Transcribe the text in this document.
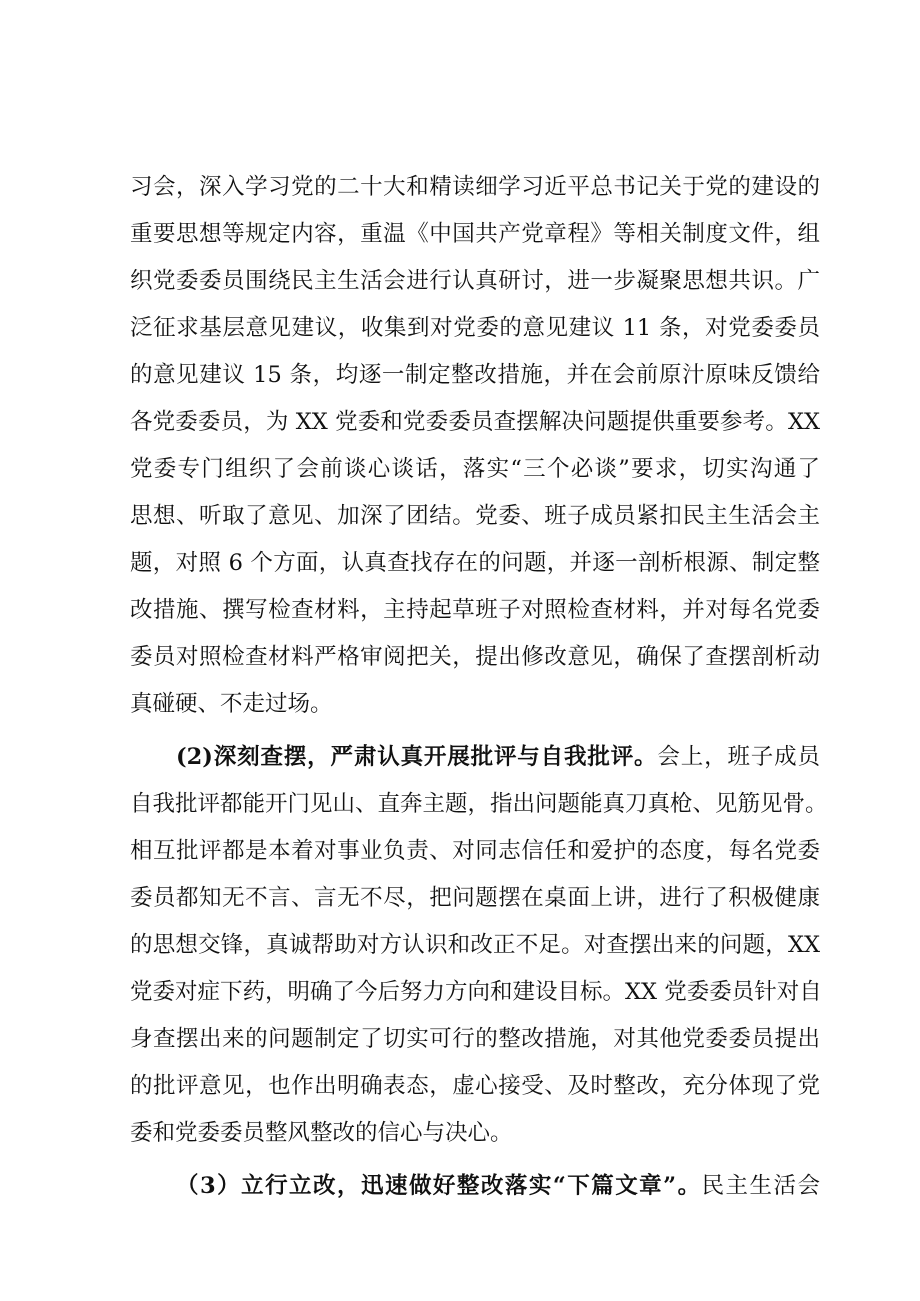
习会，深入学习党的二十大和精读细学习近平总书记关于党的建设的
重要思想等规定内容，重温《中国共产党章程》等相关制度文件，组
织党委委员围绕民主生活会进行认真研讨，进一步凝聚思想共识。广
泛征求基层意见建议，收集到对党委的意见建议 11 条，对党委委员
的意见建议 15 条，均逐一制定整改措施，并在会前原汁原味反馈给
各党委委员，为 XX 党委和党委委员查摆解决问题提供重要参考。XX
党委专门组织了会前谈心谈话，落实“三个必谈”要求，切实沟通了
思想、听取了意见、加深了团结。党委、班子成员紧扣民主生活会主
题，对照 6 个方面，认真查找存在的问题，并逐一剖析根源、制定整
改措施、撰写检查材料，主持起草班子对照检查材料，并对每名党委
委员对照检查材料严格审阅把关，提出修改意见，确保了查摆剖析动
真碰硬、不走过场。
(2)深刻查摆，严肃认真开展批评与自我批评。会上，班子成员
自我批评都能开门见山、直奔主题，指出问题能真刀真枪、见筋见骨。
相互批评都是本着对事业负责、对同志信任和爱护的态度，每名党委
委员都知无不言、言无不尽，把问题摆在桌面上讲，进行了积极健康
的思想交锋，真诚帮助对方认识和改正不足。对查摆出来的问题，XX
党委对症下药，明确了今后努力方向和建设目标。XX 党委委员针对自
身查摆出来的问题制定了切实可行的整改措施，对其他党委委员提出
的批评意见，也作出明确表态，虚心接受、及时整改，充分体现了党
委和党委委员整风整改的信心与决心。
（3）立行立改，迅速做好整改落实“下篇文章”。民主生活会
